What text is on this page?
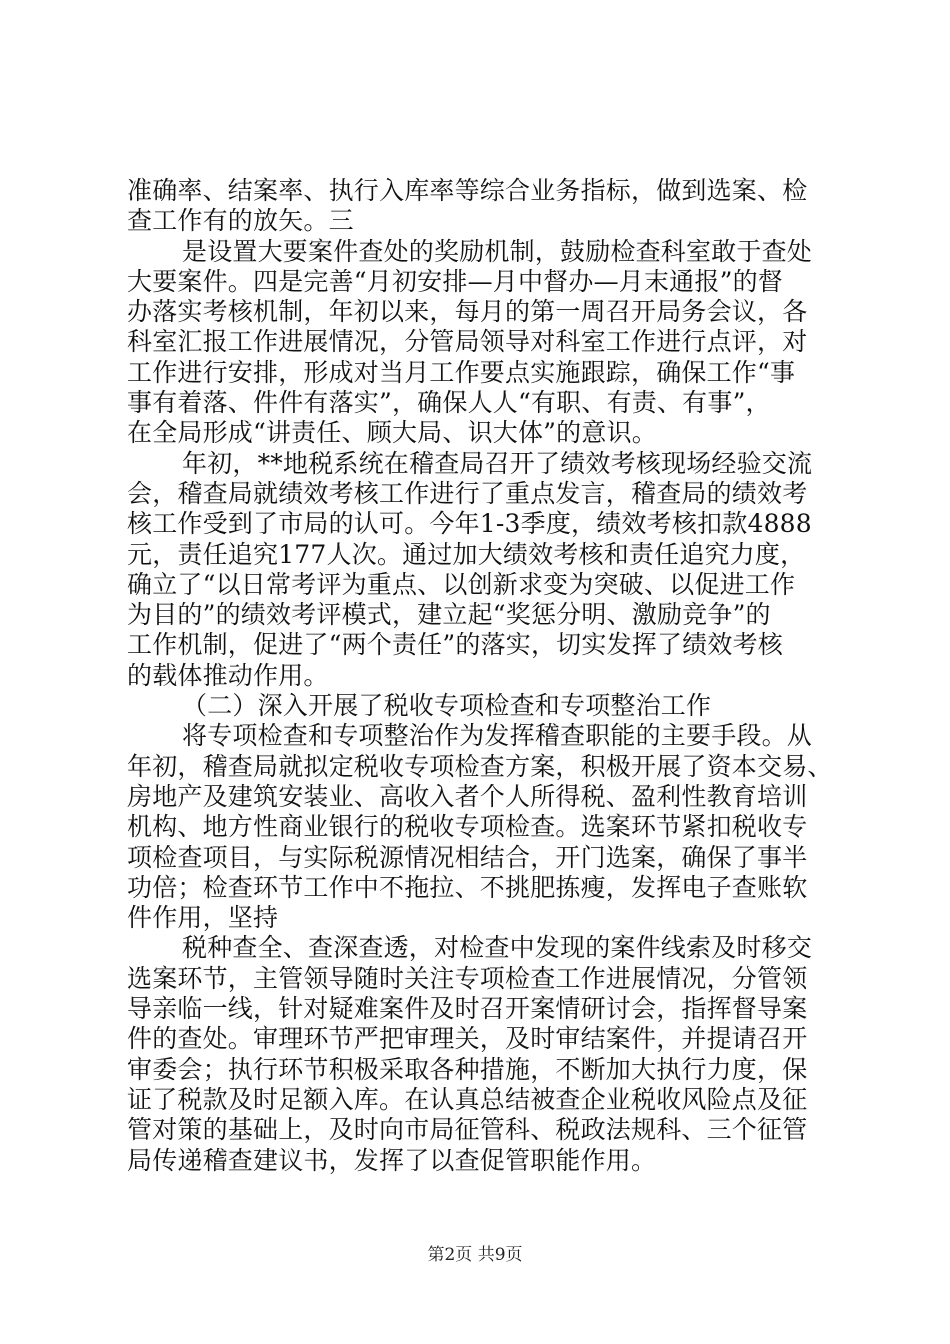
准确率、结案率、执行入库率等综合业务指标，做到选案、检
查工作有的放矢。三
是设置大要案件查处的奖励机制，鼓励检查科室敢于查处
大要案件。四是完善“月初安排—月中督办—月末通报”的督
办落实考核机制，年初以来，每月的第一周召开局务会议，各
科室汇报工作进展情况，分管局领导对科室工作进行点评，对
工作进行安排，形成对当月工作要点实施跟踪，确保工作“事
事有着落、件件有落实”，确保人人“有职、有责、有事”，
在全局形成“讲责任、顾大局、识大体”的意识。
年初，**地税系统在稽查局召开了绩效考核现场经验交流
会，稽查局就绩效考核工作进行了重点发言，稽查局的绩效考
核工作受到了市局的认可。今年1-3季度，绩效考核扣款4888
元，责任追究177人次。通过加大绩效考核和责任追究力度，
确立了“以日常考评为重点、以创新求变为突破、以促进工作
为目的”的绩效考评模式，建立起“奖惩分明、激励竞争”的
工作机制，促进了“两个责任”的落实，切实发挥了绩效考核
的载体推动作用。
（二）深入开展了税收专项检查和专项整治工作
将专项检查和专项整治作为发挥稽查职能的主要手段。从
年初，稽查局就拟定税收专项检查方案，积极开展了资本交易、
房地产及建筑安装业、高收入者个人所得税、盈利性教育培训
机构、地方性商业银行的税收专项检查。选案环节紧扣税收专
项检查项目，与实际税源情况相结合，开门选案，确保了事半
功倍；检查环节工作中不拖拉、不挑肥拣瘦，发挥电子查账软
件作用，坚持
税种查全、查深查透，对检查中发现的案件线索及时移交
选案环节，主管领导随时关注专项检查工作进展情况，分管领
导亲临一线，针对疑难案件及时召开案情研讨会，指挥督导案
件的查处。审理环节严把审理关，及时审结案件，并提请召开
审委会；执行环节积极采取各种措施，不断加大执行力度，保
证了税款及时足额入库。在认真总结被查企业税收风险点及征
管对策的基础上，及时向市局征管科、税政法规科、三个征管
局传递稽查建议书，发挥了以查促管职能作用。
第2页 共9页
